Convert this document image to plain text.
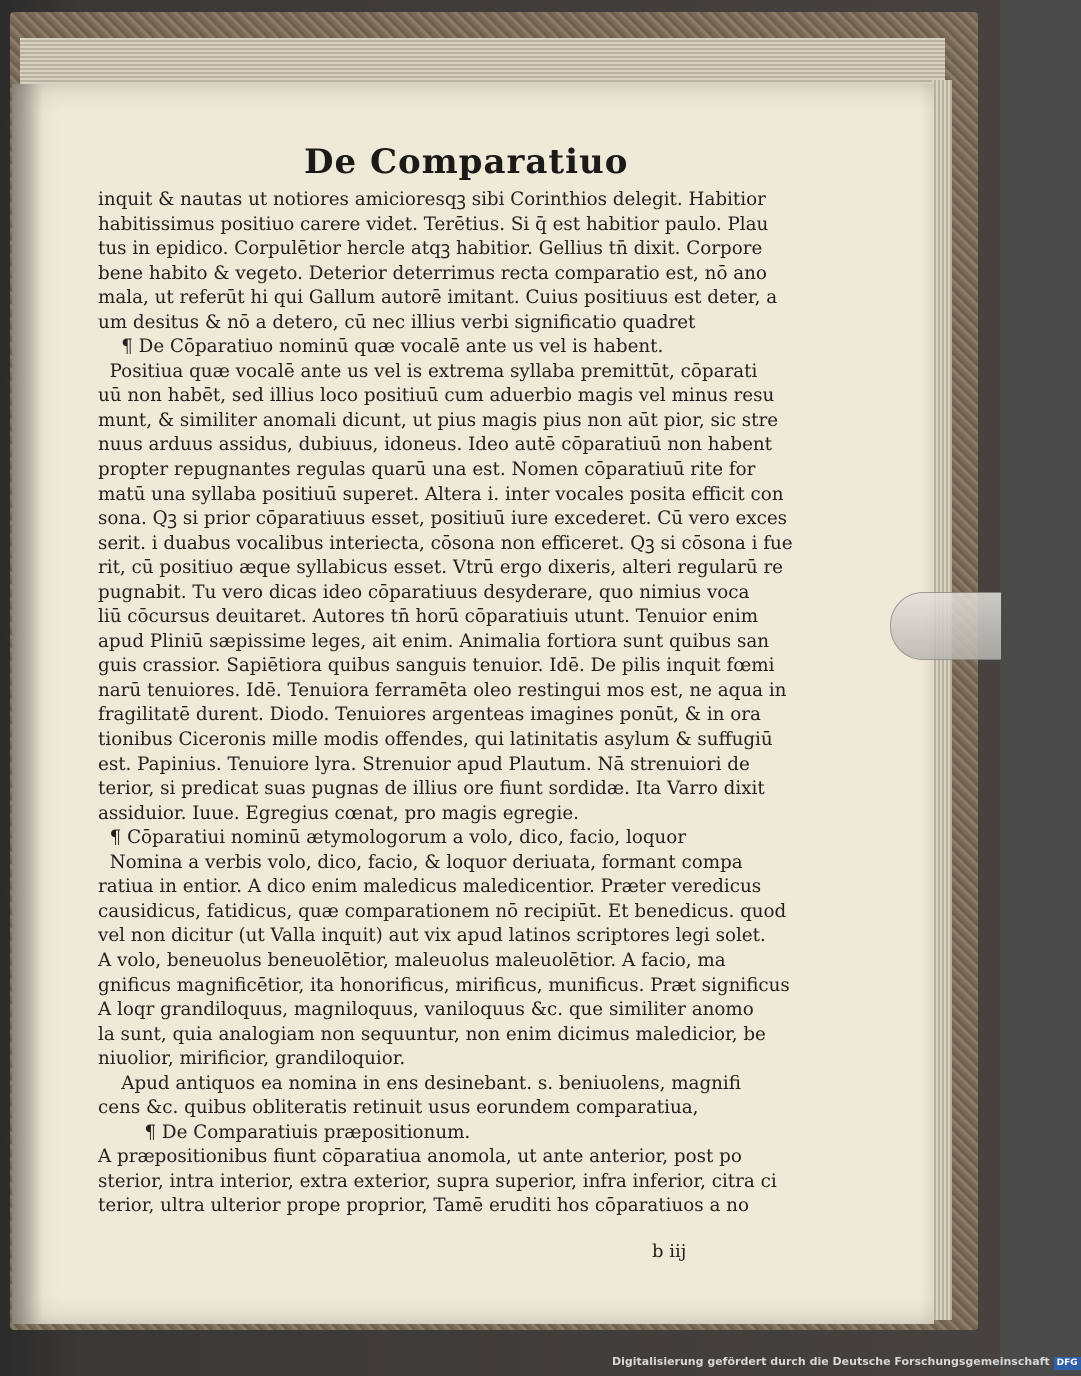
De Comparatiuo
inquit & nautas ut notiores amicioresqꝫ sibi Corinthios delegit. Habitior
habitissimus positiuo carere videt. Terētius. Si q̄ est habitior paulo. Plau
tus in epidico. Corpulētior hercle atqꝫ habitior. Gellius tn̄ dixit. Corpore
bene habito & vegeto. Deterior deterrimus recta comparatio est, nō ano
mala, ut referūt hi qui Gallum autorē imitant. Cuius positiuus est deter, a
um desitus & nō a detero, cū nec illius verbi significatio quadret
¶ De Cōparatiuo nominū quæ vocalē ante us vel is habent.
Positiua quæ vocalē ante us vel is extrema syllaba premittūt, cōparati
uū non habēt, sed illius loco positiuū cum aduerbio magis vel minus resu
munt, & similiter anomali dicunt, ut pius magis pius non aūt pior, sic stre
nuus arduus assidus, dubiuus, idoneus. Ideo autē cōparatiuū non habent
propter repugnantes regulas quarū una est. Nomen cōparatiuū rite for
matū una syllaba positiuū superet. Altera i. inter vocales posita efficit con
sona. Qꝫ si prior cōparatiuus esset, positiuū iure excederet. Cū vero exces
serit. i duabus vocalibus interiecta, cōsona non efficeret. Qꝫ si cōsona i fue
rit, cū positiuo æque syllabicus esset. Vtrū ergo dixeris, alteri regularū re
pugnabit. Tu vero dicas ideo cōparatiuus desyderare, quo nimius voca
liū cōcursus deuitaret. Autores tn̄ horū cōparatiuis utunt. Tenuior enim
apud Pliniū sæpissime leges, ait enim. Animalia fortiora sunt quibus san
guis crassior. Sapiētiora quibus sanguis tenuior. Idē. De pilis inquit fœmi
narū tenuiores. Idē. Tenuiora ferramēta oleo restingui mos est, ne aqua in
fragilitatē durent. Diodo. Tenuiores argenteas imagines ponūt, & in ora
tionibus Ciceronis mille modis offendes, qui latinitatis asylum & suffugiū
est. Papinius. Tenuiore lyra. Strenuior apud Plautum. Nā strenuiori de
terior, si predicat suas pugnas de illius ore fiunt sordidæ. Ita Varro dixit
assiduior. Iuue. Egregius cœnat, pro magis egregie.
¶ Cōparatiui nominū ætymologorum a volo, dico, facio, loquor
Nomina a verbis volo, dico, facio, & loquor deriuata, formant compa
ratiua in entior. A dico enim maledicus maledicentior. Præter veredicus
causidicus, fatidicus, quæ comparationem nō recipiūt. Et benedicus. quod
vel non dicitur (ut Valla inquit) aut vix apud latinos scriptores legi solet.
A volo, beneuolus beneuolētior, maleuolus maleuolētior. A facio, ma
gnificus magnificētior, ita honorificus, mirificus, munificus. Præt significus
A loqr grandiloquus, magniloquus, vaniloquus &c. que similiter anomo
la sunt, quia analogiam non sequuntur, non enim dicimus maledicior, be
niuolior, mirificior, grandiloquior.
Apud antiquos ea nomina in ens desinebant. s. beniuolens, magnifi
cens &c. quibus obliteratis retinuit usus eorundem comparatiua,
¶ De Comparatiuis præpositionum.
A præpositionibus fiunt cōparatiua anomola, ut ante anterior, post po
sterior, intra interior, extra exterior, supra superior, infra inferior, citra ci
terior, ultra ulterior prope proprior, Tamē eruditi hos cōparatiuos a no
b iij
Digitalisierung gefördert durch die Deutsche Forschungsgemeinschaft DFG
